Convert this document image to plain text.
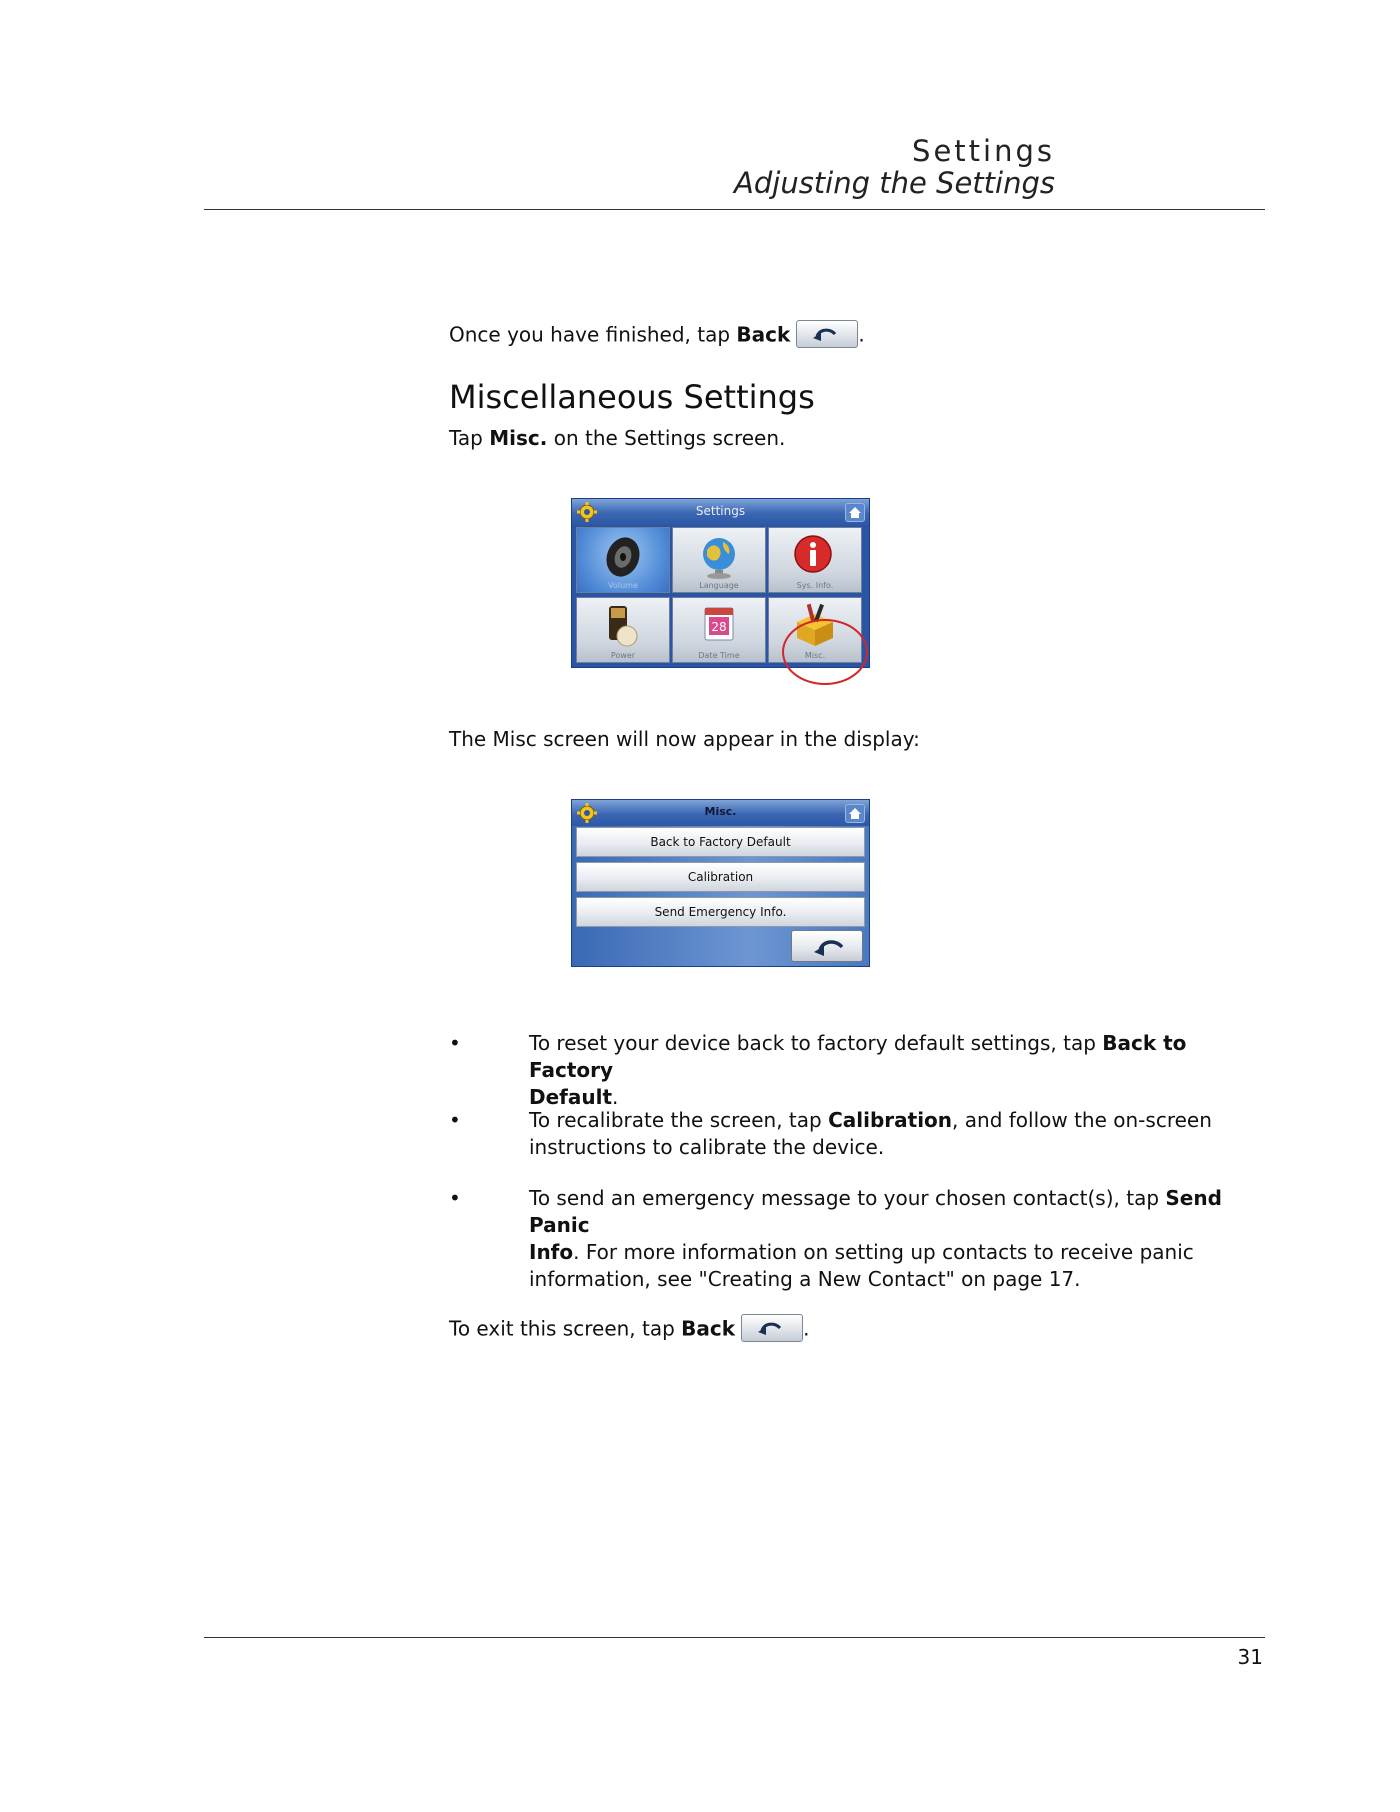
Settings
Adjusting the Settings
Once you have finished, tap Back	.
Miscellaneous Settings
Tap Misc. on the Settings screen.
Settings
Volume	Language	Sys. Info.
Power
28
Date Time	Misc.
The Misc screen will now appear in the display:
Misc.
Back to Factory Default
Calibration
Send Emergency Info.
•	To reset your device back to factory default settings, tap Back to Factory
Default.
•	To recalibrate the screen, tap Calibration, and follow the on-screen
instructions to calibrate the device.
•	To send an emergency message to your chosen contact(s), tap Send Panic
Info. For more information on setting up contacts to receive panic
information, see "Creating a New Contact" on page 17.
To exit this screen, tap Back	.
31
